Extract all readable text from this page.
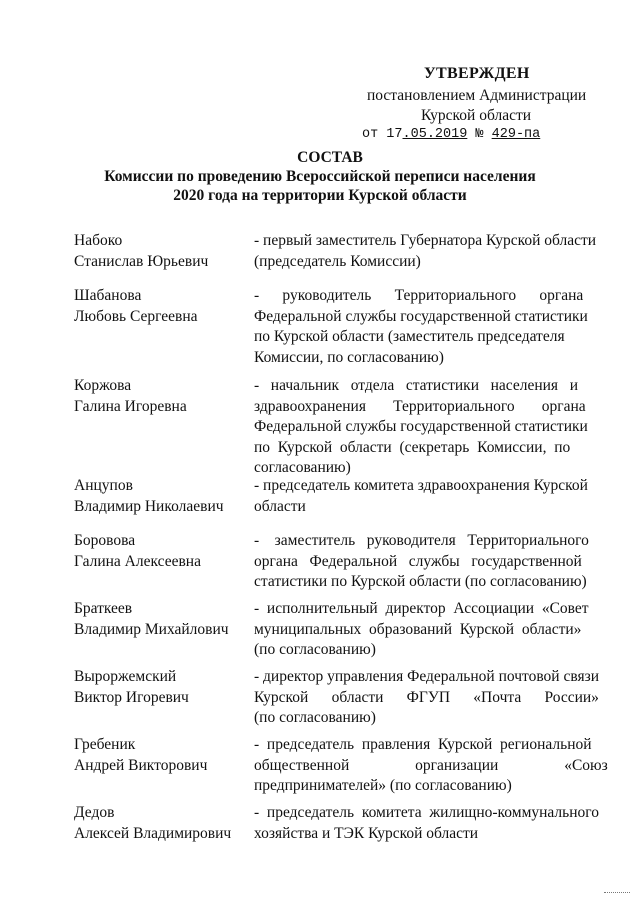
УТВЕРЖДЕН
постановлением Администрации
Курской области
от 17.05.2019 № 429-па
СОСТАВ
Комиссии по проведению Всероссийской переписи населения
2020 года на территории Курской области
Набоко
Станислав Юрьевич
- первый заместитель Губернатора Курской области
(председатель Комиссии)
Шабанова
Любовь Сергеевна
-      руководитель      Территориального      органа
Федеральной службы государственной статистики
по Курской области (заместитель председателя
Комиссии, по согласованию)
Коржова
Галина Игоревна
-   начальник   отдела   статистики   населения   и
здравоохранения       Территориального       органа
Федеральной службы государственной статистики
по  Курской  области  (секретарь  Комиссии,  по
согласованию)
Анцупов
Владимир Николаевич
- председатель комитета здравоохранения Курской
области
Боровова
Галина Алексеевна
-    заместитель   руководителя   Территориального
органа   Федеральной   службы   государственной
статистики по Курской области (по согласованию)
Браткеев
Владимир Михайлович
-  исполнительный  директор  Ассоциации  «Совет
муниципальных  образований  Курской  области»
(по согласованию)
Выроржемский
Виктор Игоревич
- директор управления Федеральной почтовой связи
Курской      области      ФГУП      «Почта      России»
(по согласованию)
Гребеник
Андрей Викторович
-  председатель  правления  Курской  региональной
общественной                 организации                 «Союз
предпринимателей» (по согласованию)
Дедов
Алексей Владимирович
-  председатель  комитета  жилищно-коммунального
хозяйства и ТЭК Курской области
